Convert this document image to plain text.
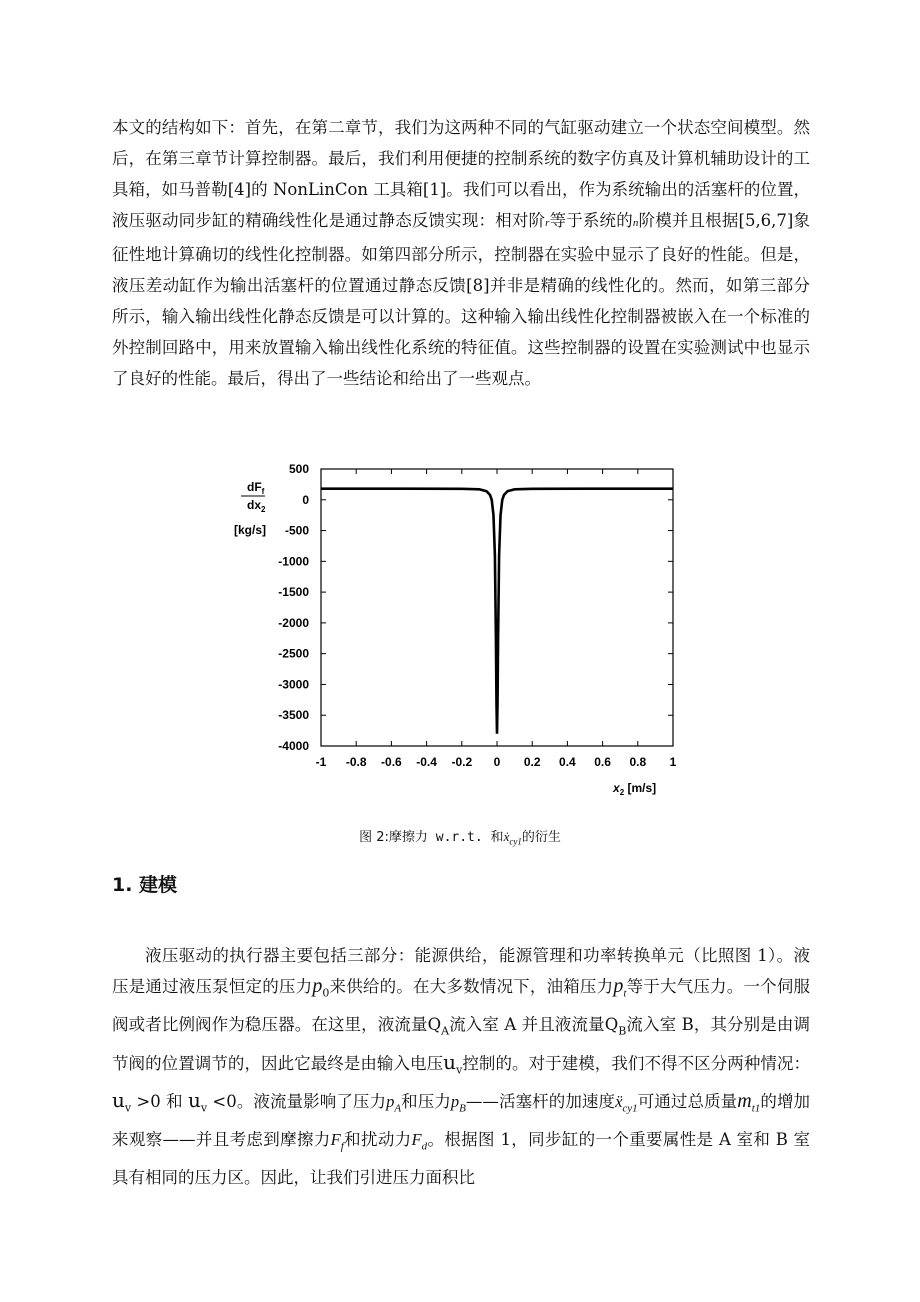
本文的结构如下：首先，在第二章节，我们为这两种不同的气缸驱动建立一个状态空间模型。然后，在第三章节计算控制器。最后，我们利用便捷的控制系统的数字仿真及计算机辅助设计的工 具箱，如马普勒[4]的 NonLinCon 工具箱[1]。我们可以看出，作为系统输出的活塞杆的位置，液压驱动同步缸的精确线性化是通过静态反馈实现：相对阶r等于系统的n阶模并且根据[5,6,7]象征性地计算确切的线性化控制器。如第四部分所示，控制器在实验中显示了良好的性能。但是，液压差动缸作为输出活塞杆的位置通过静态反馈[8]并非是精确的线性化的。然而，如第三部分所示，输入输出线性化静态反馈是可以计算的。这种输入输出线性化控制器被嵌入在一个标准的外控制回路中，用来放置输入输出线性化系统的特征值。这些控制器的设置在实验测试中也显示了良好的性能。最后，得出了一些结论和给出了一些观点。

$dF_f$
$dx_2$
[kg/s]
-1 -0.8 -0.6 -0.4 -0.2 0 0.2 0.4 0.6 0.8 1
500
0
-500
-1000
-1500
-2000
-2500
-3000
-3500
-4000
$x_2$ [m/s]
图 2:摩擦力 w.r.t. 和ẋ$_{cy1}$的衍生
1. 建模

液压驱动的执行器主要包括三部分：能源供给，能源管理和功率转换单元（比照图 1）。液压是通过液压泵恒定的压力$p_0$来供给的。在大多数情况下，油箱压力$p_t$等于大气压力。一个伺服阀或者比例阀作为稳压器。在这里，液流量$Q_A$流入室 A 并且液流量$Q_B$流入室 B，其分别是由调节阀的位置调节的，因此它最终是由输入电压$u_v$控制的。对于建模，我们不得不区分两种情况：$u_v >0$ 和 $u_v <0$。液流量影响了压力$p_A$和压力$p_B——$活塞杆的加速度ẍ$_{cy1}$可通过总质量$m_{t1}$的增加来观察——并且考虑到摩擦力$F_f$和扰动力$F_d$。根据图 1，同步缸的一个重要属性是 A 室和 B 室具有相同的压力区。因此，让我们引进压力面积比
